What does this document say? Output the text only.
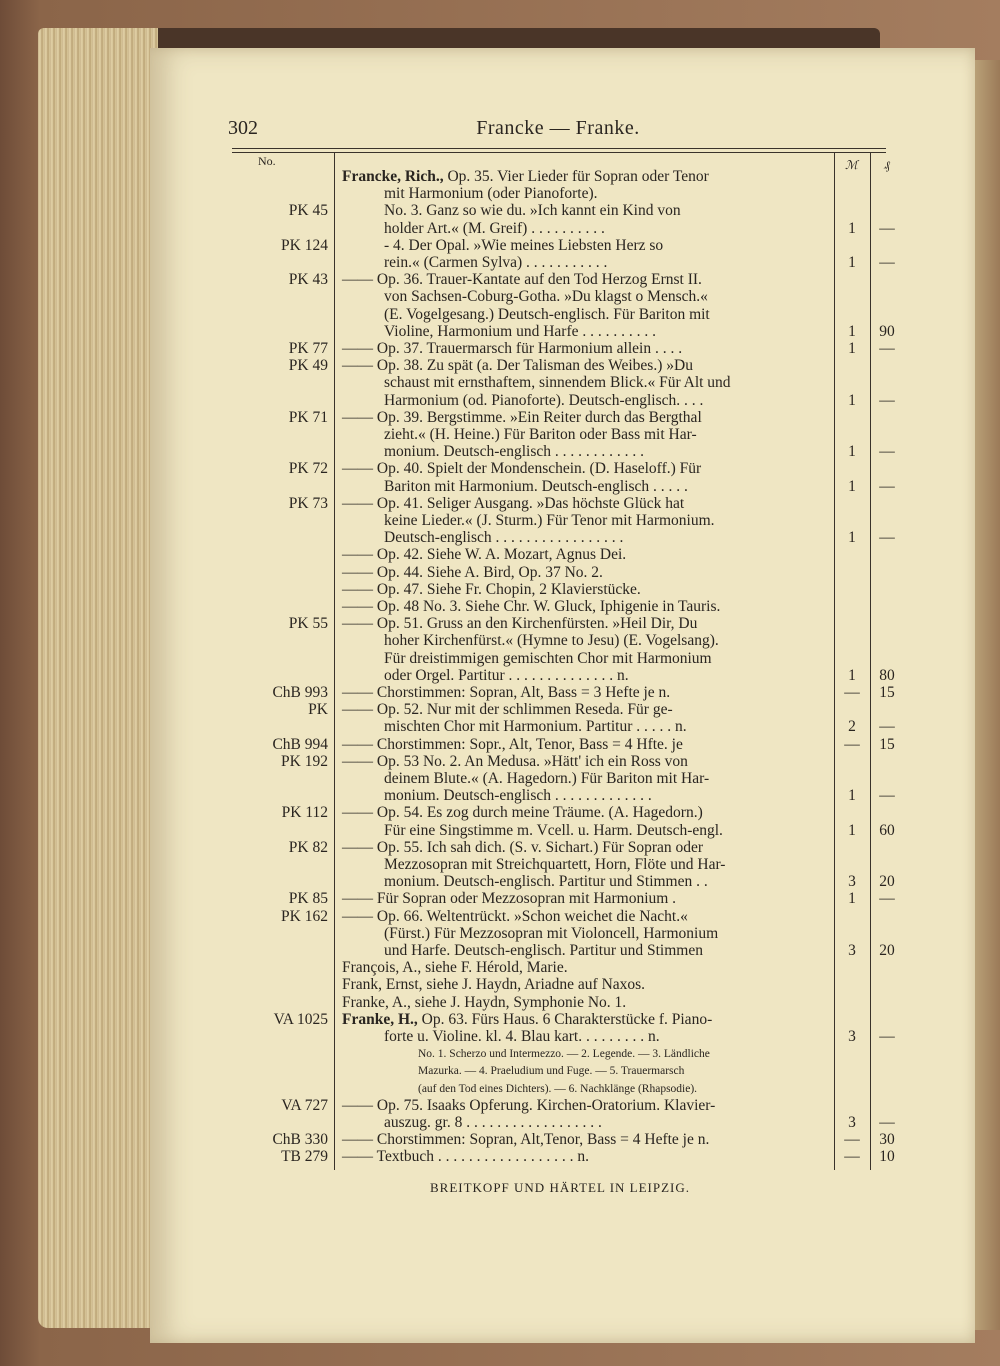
302	Francke — Franke.
No.	ℳ ₰
Francke, Rich., Op. 35. Vier Lieder für Sopran oder Tenor
mit Harmonium (oder Pianoforte).
PK 45	No. 3. Ganz so wie du. »Ich kannt ein Kind von
holder Art.« (M. Greif) . . . . . . . . . .	1	—
PK 124	- 4. Der Opal. »Wie meines Liebsten Herz so
rein.« (Carmen Sylva) . . . . . . . . . . .	1	—
PK 43 —— Op. 36. Trauer-Kantate auf den Tod Herzog Ernst II.
von Sachsen-Coburg-Gotha. »Du klagst o Mensch.«
(E. Vogelgesang.) Deutsch-englisch. Für Bariton mit
Violine, Harmonium und Harfe . . . . . . . . . .	1	90
PK 77 —— Op. 37. Trauermarsch für Harmonium allein . . . .	1	—
PK 49 —— Op. 38. Zu spät (a. Der Talisman des Weibes.) »Du
schaust mit ernsthaftem, sinnendem Blick.« Für Alt und
Harmonium (od. Pianoforte). Deutsch-englisch. . . .	1	—
PK 71 —— Op. 39. Bergstimme. »Ein Reiter durch das Bergthal
zieht.« (H. Heine.) Für Bariton oder Bass mit Har-
monium. Deutsch-englisch . . . . . . . . . . . .	1	—
PK 72 —— Op. 40. Spielt der Mondenschein. (D. Haseloff.) Für
Bariton mit Harmonium. Deutsch-englisch . . . . .	1	—
PK 73 —— Op. 41. Seliger Ausgang. »Das höchste Glück hat
keine Lieder.« (J. Sturm.) Für Tenor mit Harmonium.
Deutsch-englisch . . . . . . . . . . . . . . . . .	1	—
—— Op. 42. Siehe W. A. Mozart, Agnus Dei.
—— Op. 44. Siehe A. Bird, Op. 37 No. 2.
—— Op. 47. Siehe Fr. Chopin, 2 Klavierstücke.
—— Op. 48 No. 3. Siehe Chr. W. Gluck, Iphigenie in Tauris.
PK 55 —— Op. 51. Gruss an den Kirchenfürsten. »Heil Dir, Du
hoher Kirchenfürst.« (Hymne to Jesu) (E. Vogelsang).
Für dreistimmigen gemischten Chor mit Harmonium
oder Orgel. Partitur . . . . . . . . . . . . . . n.	1	80
ChB 993 —— Chorstimmen: Sopran, Alt, Bass = 3 Hefte je n.	—	15
PK —— Op. 52. Nur mit der schlimmen Reseda. Für ge-
mischten Chor mit Harmonium. Partitur . . . . . n.	2	—
ChB 994 —— Chorstimmen: Sopr., Alt, Tenor, Bass = 4 Hfte. je	—	15
PK 192 —— Op. 53 No. 2. An Medusa. »Hätt' ich ein Ross von
deinem Blute.« (A. Hagedorn.) Für Bariton mit Har-
monium. Deutsch-englisch . . . . . . . . . . . . .	1	—
PK 112 —— Op. 54. Es zog durch meine Träume. (A. Hagedorn.)
Für eine Singstimme m. Vcell. u. Harm. Deutsch-engl.	1	60
PK 82 —— Op. 55. Ich sah dich. (S. v. Sichart.) Für Sopran oder
Mezzosopran mit Streichquartett, Horn, Flöte und Har-
monium. Deutsch-englisch. Partitur und Stimmen . .	3	20
PK 85 —— Für Sopran oder Mezzosopran mit Harmonium .	1	—
PK 162 —— Op. 66. Weltentrückt. »Schon weichet die Nacht.«
(Fürst.) Für Mezzosopran mit Violoncell, Harmonium
und Harfe. Deutsch-englisch. Partitur und Stimmen	3	20
François, A., siehe F. Hérold, Marie.
Frank, Ernst, siehe J. Haydn, Ariadne auf Naxos.
Franke, A., siehe J. Haydn, Symphonie No. 1.
VA 1025 Franke, H., Op. 63. Fürs Haus. 6 Charakterstücke f. Piano-
forte u. Violine. kl. 4. Blau kart. . . . . . . . . n.	3	—
No. 1. Scherzo und Intermezzo. — 2. Legende. — 3. Ländliche
Mazurka. — 4. Praeludium und Fuge. — 5. Trauermarsch
(auf den Tod eines Dichters). — 6. Nachklänge (Rhapsodie).
VA 727 —— Op. 75. Isaaks Opferung. Kirchen-Oratorium. Klavier-
auszug. gr. 8 . . . . . . . . . . . . . . . . . .	3	—
ChB 330 —— Chorstimmen: Sopran, Alt,Tenor, Bass = 4 Hefte je n.	—	30
TB 279 —— Textbuch . . . . . . . . . . . . . . . . . . n.	—	10
BREITKOPF UND HÄRTEL IN LEIPZIG.
